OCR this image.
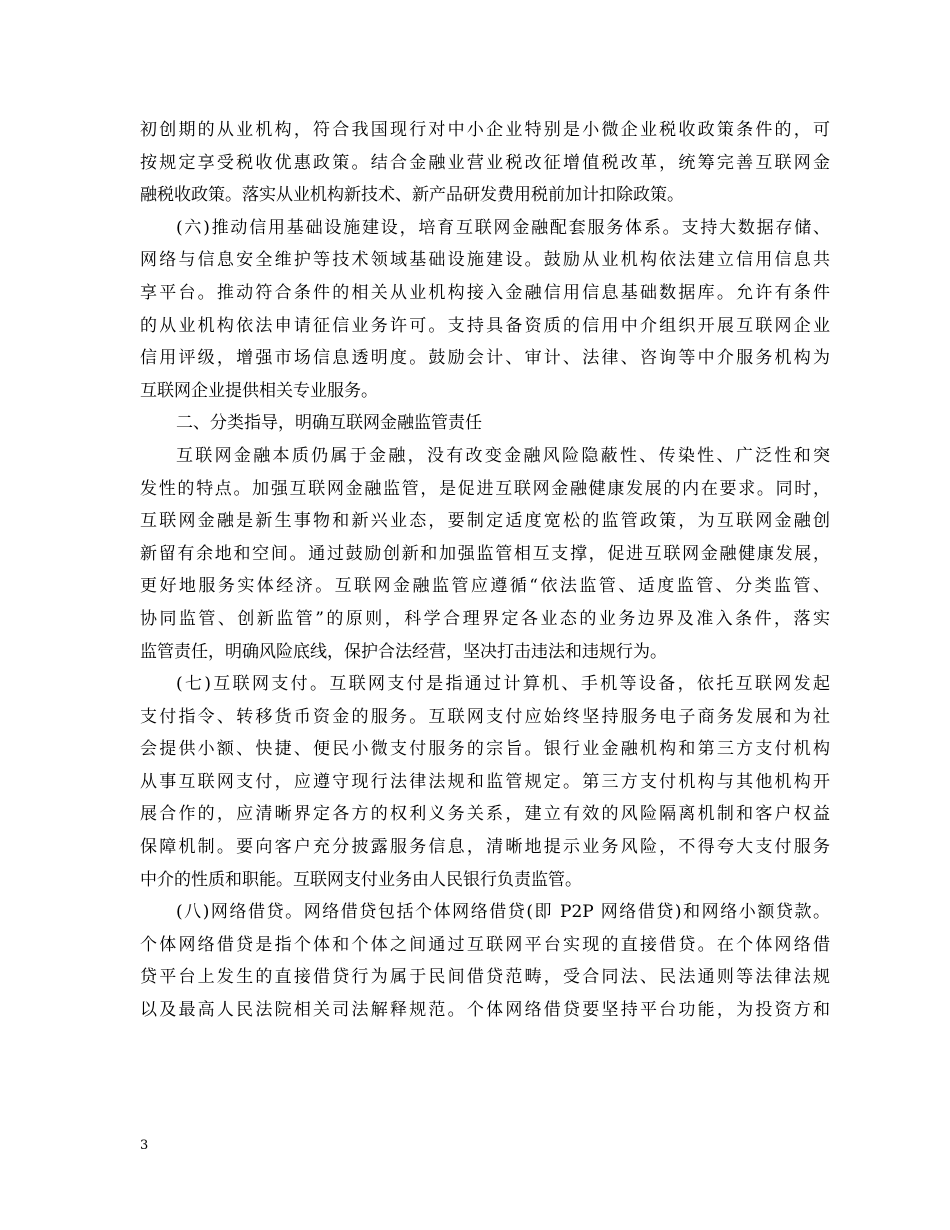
初创期的从业机构，符合我国现行对中小企业特别是小微企业税收政策条件的，可
按规定享受税收优惠政策。结合金融业营业税改征增值税改革，统筹完善互联网金
融税收政策。落实从业机构新技术、新产品研发费用税前加计扣除政策。
(六)推动信用基础设施建设，培育互联网金融配套服务体系。支持大数据存储、
网络与信息安全维护等技术领域基础设施建设。鼓励从业机构依法建立信用信息共
享平台。推动符合条件的相关从业机构接入金融信用信息基础数据库。允许有条件
的从业机构依法申请征信业务许可。支持具备资质的信用中介组织开展互联网企业
信用评级，增强市场信息透明度。鼓励会计、审计、法律、咨询等中介服务机构为
互联网企业提供相关专业服务。
二、分类指导，明确互联网金融监管责任
互联网金融本质仍属于金融，没有改变金融风险隐蔽性、传染性、广泛性和突
发性的特点。加强互联网金融监管，是促进互联网金融健康发展的内在要求。同时，
互联网金融是新生事物和新兴业态，要制定适度宽松的监管政策，为互联网金融创
新留有余地和空间。通过鼓励创新和加强监管相互支撑，促进互联网金融健康发展，
更好地服务实体经济。互联网金融监管应遵循“依法监管、适度监管、分类监管、
协同监管、创新监管”的原则，科学合理界定各业态的业务边界及准入条件，落实
监管责任，明确风险底线，保护合法经营，坚决打击违法和违规行为。
(七)互联网支付。互联网支付是指通过计算机、手机等设备，依托互联网发起
支付指令、转移货币资金的服务。互联网支付应始终坚持服务电子商务发展和为社
会提供小额、快捷、便民小微支付服务的宗旨。银行业金融机构和第三方支付机构
从事互联网支付，应遵守现行法律法规和监管规定。第三方支付机构与其他机构开
展合作的，应清晰界定各方的权利义务关系，建立有效的风险隔离机制和客户权益
保障机制。要向客户充分披露服务信息，清晰地提示业务风险，不得夸大支付服务
中介的性质和职能。互联网支付业务由人民银行负责监管。
(八)网络借贷。网络借贷包括个体网络借贷(即 P2P 网络借贷)和网络小额贷款。
个体网络借贷是指个体和个体之间通过互联网平台实现的直接借贷。在个体网络借
贷平台上发生的直接借贷行为属于民间借贷范畴，受合同法、民法通则等法律法规
以及最高人民法院相关司法解释规范。个体网络借贷要坚持平台功能，为投资方和
3
